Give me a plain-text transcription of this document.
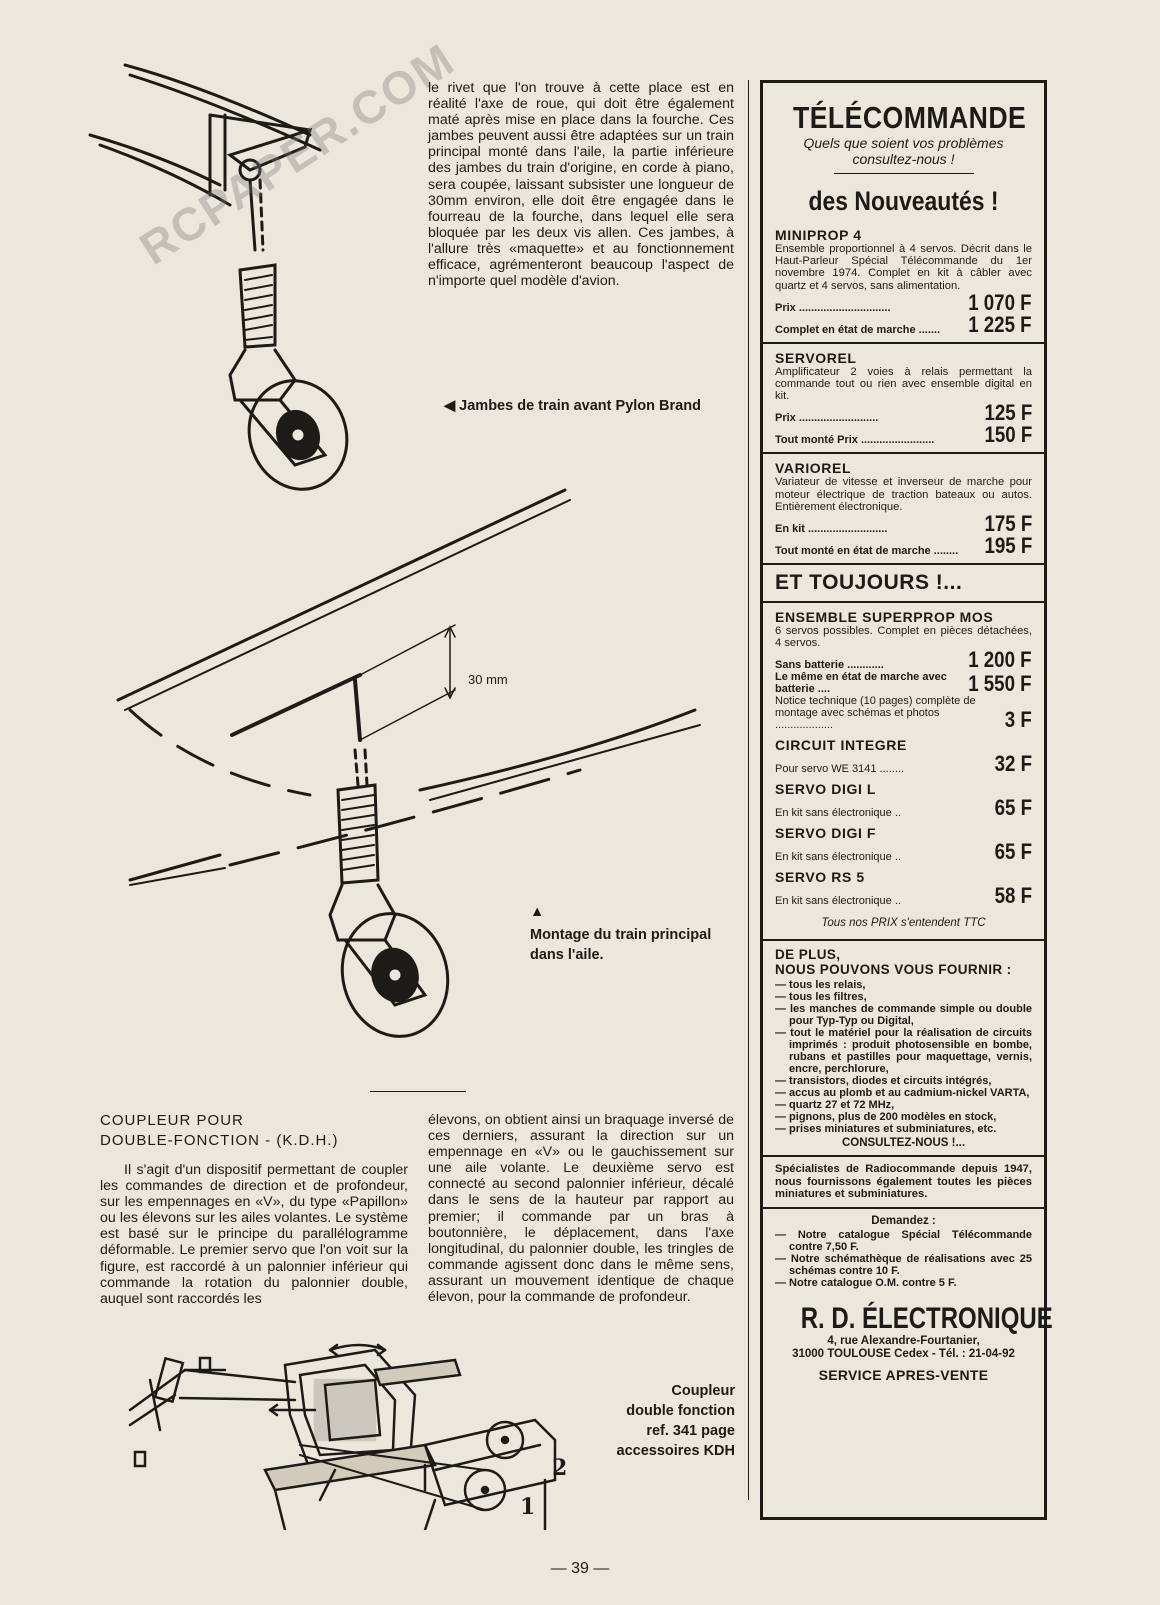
RCPAPER.COM

le rivet que l'on trouve à cette place est en réalité l'axe de roue, qui doit être également maté après mise en place dans la fourche. Ces jambes peuvent aussi être adaptées sur un train principal monté dans l'aile, la partie inférieure des jambes du train d'origine, en corde à piano, sera coupée, laissant subsister une longueur de 30mm environ, elle doit être engagée dans le fourreau de la fourche, dans lequel elle sera bloquée par les deux vis allen. Ces jambes, à l'allure très «maquette» et au fonctionnement efficace, agrémenteront beaucoup l'aspect de n'importe quel modèle d'avion.

◀ Jambes de train avant Pylon Brand
30 mm
▲
Montage du train principal dans l'aile.
COUPLEUR POUR
DOUBLE-FONCTION - (K.D.H.)

Il s'agit d'un dispositif permettant de coupler les commandes de direction et de profondeur, sur les empennages en «V», du type «Papillon» ou les élevons sur les ailes volantes. Le système est basé sur le principe du parallélogramme déformable. Le premier servo que l'on voit sur la figure, est raccordé à un palonnier inférieur qui commande la rotation du palonnier double, auquel sont raccordés les

élevons, on obtient ainsi un braquage inversé de ces derniers, assurant la direction sur un empennage en «V» ou le gauchissement sur une aile volante. Le deuxième servo est connecté au second palonnier inférieur, décalé dans le sens de la hauteur par rapport au premier; il commande par un bras à boutonnière, le déplacement, dans l'axe longitudinal, du palonnier double, les tringles de commande agissent donc dans le même sens, assurant un mouvement identique de chaque élevon, pour la commande de profondeur.

1
2
Coupleur
double fonction
ref. 341 page
accessoires KDH
TÉLÉCOMMANDE
Quels que soient vos problèmes
consultez-nous !
des Nouveautés !
MINIPROP 4
Ensemble proportionnel à 4 servos. Décrit dans le Haut-Parleur Spécial Télécommande du 1er novembre 1974. Complet en kit à câbler avec quartz et 4 servos, sans alimentation.
Prix ..............................	1 070 F
Complet en état de marche .......	1 225 F
SERVOREL
Amplificateur 2 voies à relais permettant la commande tout ou rien avec ensemble digital en kit.
Prix ..........................	125 F
Tout monté Prix ........................	150 F
VARIOREL
Variateur de vitesse et inverseur de marche pour moteur électrique de traction bateaux ou autos. Entièrement électronique.
En kit ..........................	175 F
Tout monté en état de marche ........	195 F
ET TOUJOURS !...
ENSEMBLE SUPERPROP MOS
6 servos possibles. Complet en pièces détachées, 4 servos.
Sans batterie ............	1 200 F
Le même en état de marche avec batterie ....	1 550 F
Notice technique (10 pages) complète de montage avec schémas et photos ...................	3 F
CIRCUIT INTEGRE
Pour servo WE 3141 ........	32 F
SERVO DIGI L
En kit sans électronique ..	65 F
SERVO DIGI F
En kit sans électronique ..	65 F
SERVO RS 5
En kit sans électronique ..	58 F
Tous nos PRIX s'entendent TTC
DE PLUS,
NOUS POUVONS VOUS FOURNIR :
— tous les relais,
— tous les filtres,
— les manches de commande simple ou double pour Typ-Typ ou Digital,
— tout le matériel pour la réalisation de circuits imprimés : produit photosensible en bombe, rubans et pastilles pour maquettage, vernis, encre, perchlorure,
— transistors, diodes et circuits intégrés,
— accus au plomb et au cadmium-nickel VARTA,
— quartz 27 et 72 MHz,
— pignons, plus de 200 modèles en stock,
— prises miniatures et subminiatures, etc.
CONSULTEZ-NOUS !...
Spécialistes de Radiocommande depuis 1947, nous fournissons également toutes les pièces miniatures et subminiatures.
Demandez :
— Notre catalogue Spécial Télécommande contre 7,50 F.
— Notre schémathèque de réalisations avec 25 schémas contre 10 F.
— Notre catalogue O.M. contre 5 F.
R. D. ÉLECTRONIQUE
4, rue Alexandre-Fourtanier,
31000 TOULOUSE Cedex - Tél. : 21-04-92
SERVICE APRES-VENTE
— 39 —
